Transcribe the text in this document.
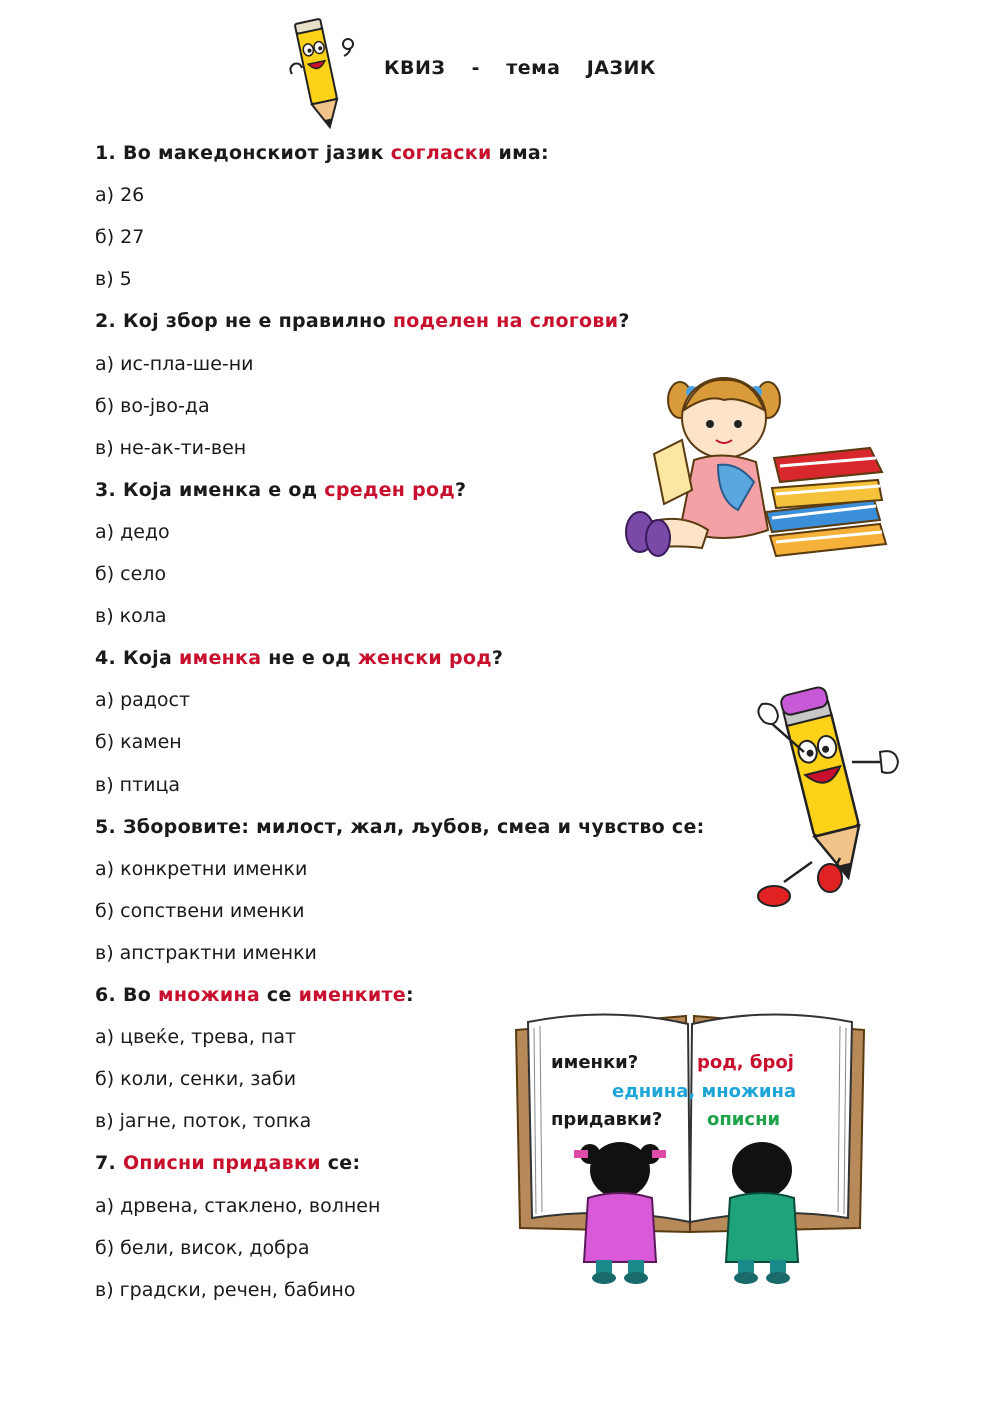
КВИЗ  -  тема  ЈАЗИК
1. Во македонскиот јазик согласки има:
а) 26
б) 27
в) 5
2. Кој збор не е правилно поделен на слогови?
а) ис-пла-ше-ни
б) во-јво-да
в) не-ак-ти-вен
3. Која именка е од среден род?
а) дедо
б) село
в) кола
4. Која именка не е од женски род?
а) радост
б) камен
в) птица
5. Зборовите: милост, жал, љубов, смеа и чувство се:
а) конкретни именки
б) сопствени именки
в) апстрактни именки
6. Во множина се именките:
а) цвеќе, трева, пат
б) коли, сенки, заби
в) јагне, поток, топка
7. Описни придавки се:
а) дрвена, стаклено, волнен
б) бели, висок, добра
в) градски, речен, бабино
именки?	род, број
еднина, множина
придавки? описни
